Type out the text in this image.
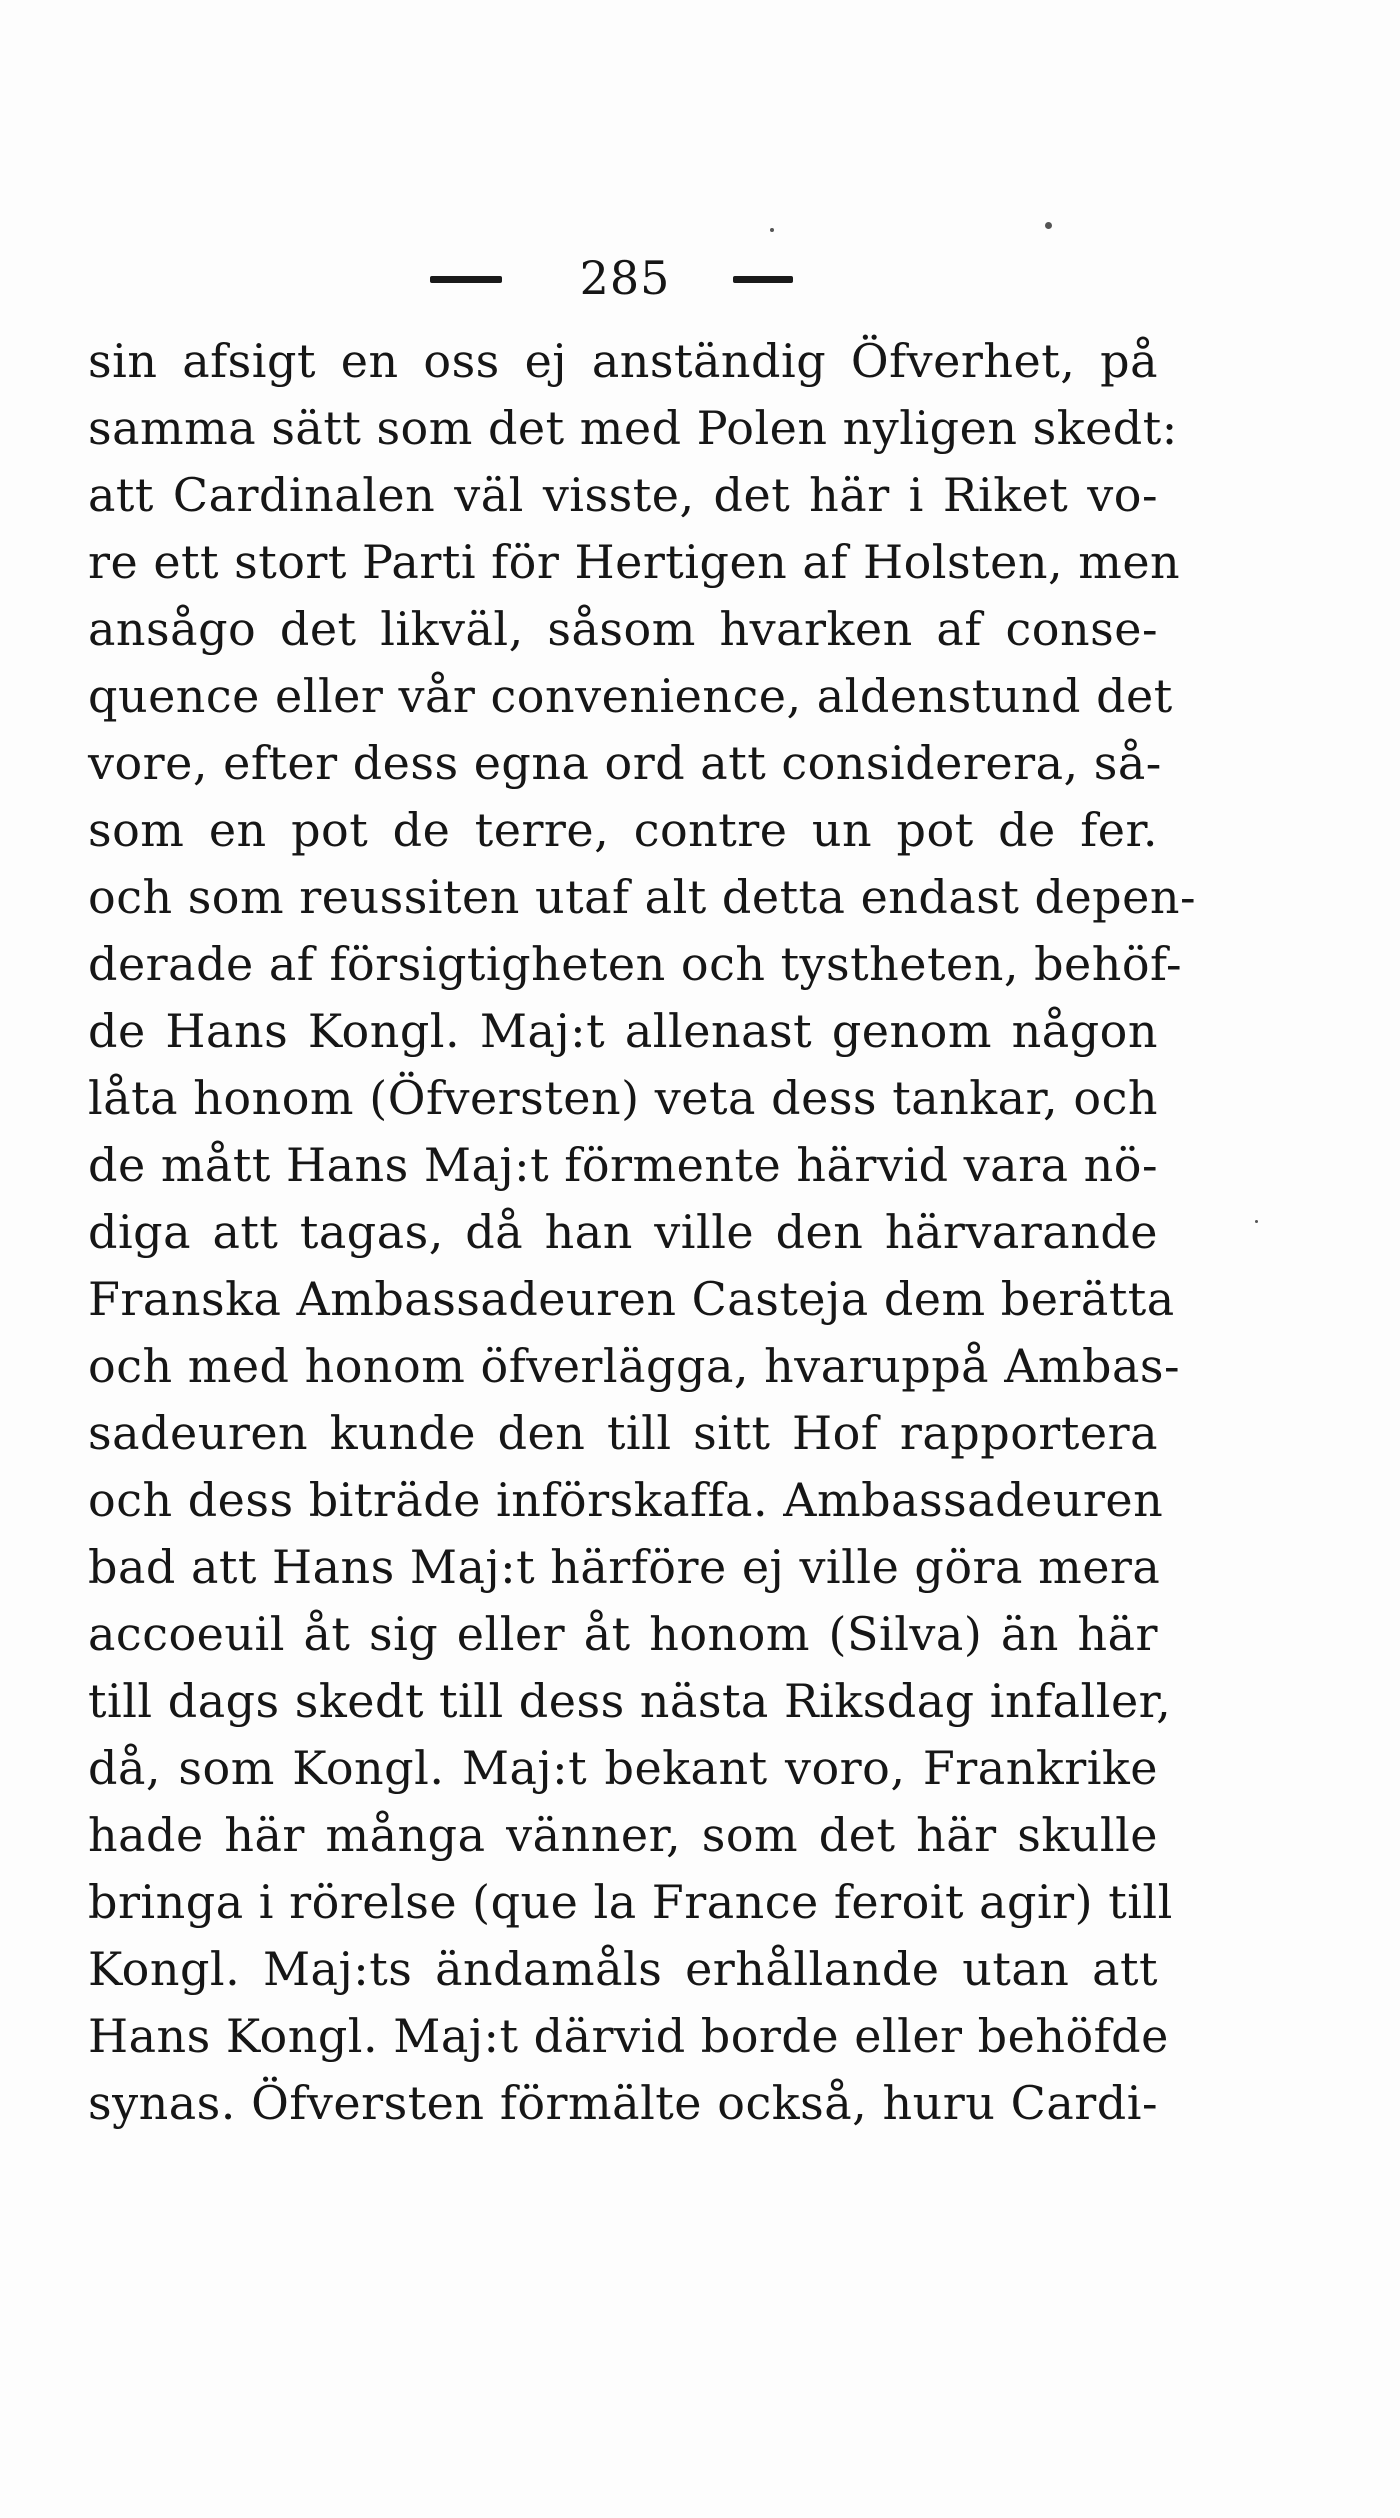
285
sin afsigt en oss ej anständig Öfverhet, på
samma sätt som det med Polen nyligen skedt:
att Cardinalen väl visste, det här i Riket vo-
re ett stort Parti för Hertigen af Holsten, men
ansågo det likväl, såsom hvarken af conse-
quence eller vår convenience, aldenstund det
vore, efter dess egna ord att considerera, så-
som en pot de terre, contre un pot de fer.
och som reussiten utaf alt detta endast depen-
derade af försigtigheten och tystheten, behöf-
de Hans Kongl. Maj:t allenast genom någon
låta honom (Öfversten) veta dess tankar, och
de mått Hans Maj:t förmente härvid vara nö-
diga att tagas, då han ville den härvarande
Franska Ambassadeuren Casteja dem berätta
och med honom öfverlägga, hvaruppå Ambas-
sadeuren kunde den till sitt Hof rapportera
och dess biträde införskaffa. Ambassadeuren
bad att Hans Maj:t härföre ej ville göra mera
accoeuil åt sig eller åt honom (Silva) än här
till dags skedt till dess nästa Riksdag infaller,
då, som Kongl. Maj:t bekant voro, Frankrike
hade här många vänner, som det här skulle
bringa i rörelse (que la France feroit agir) till
Kongl. Maj:ts ändamåls erhållande utan att
Hans Kongl. Maj:t därvid borde eller behöfde
synas. Öfversten förmälte också, huru Cardi-
